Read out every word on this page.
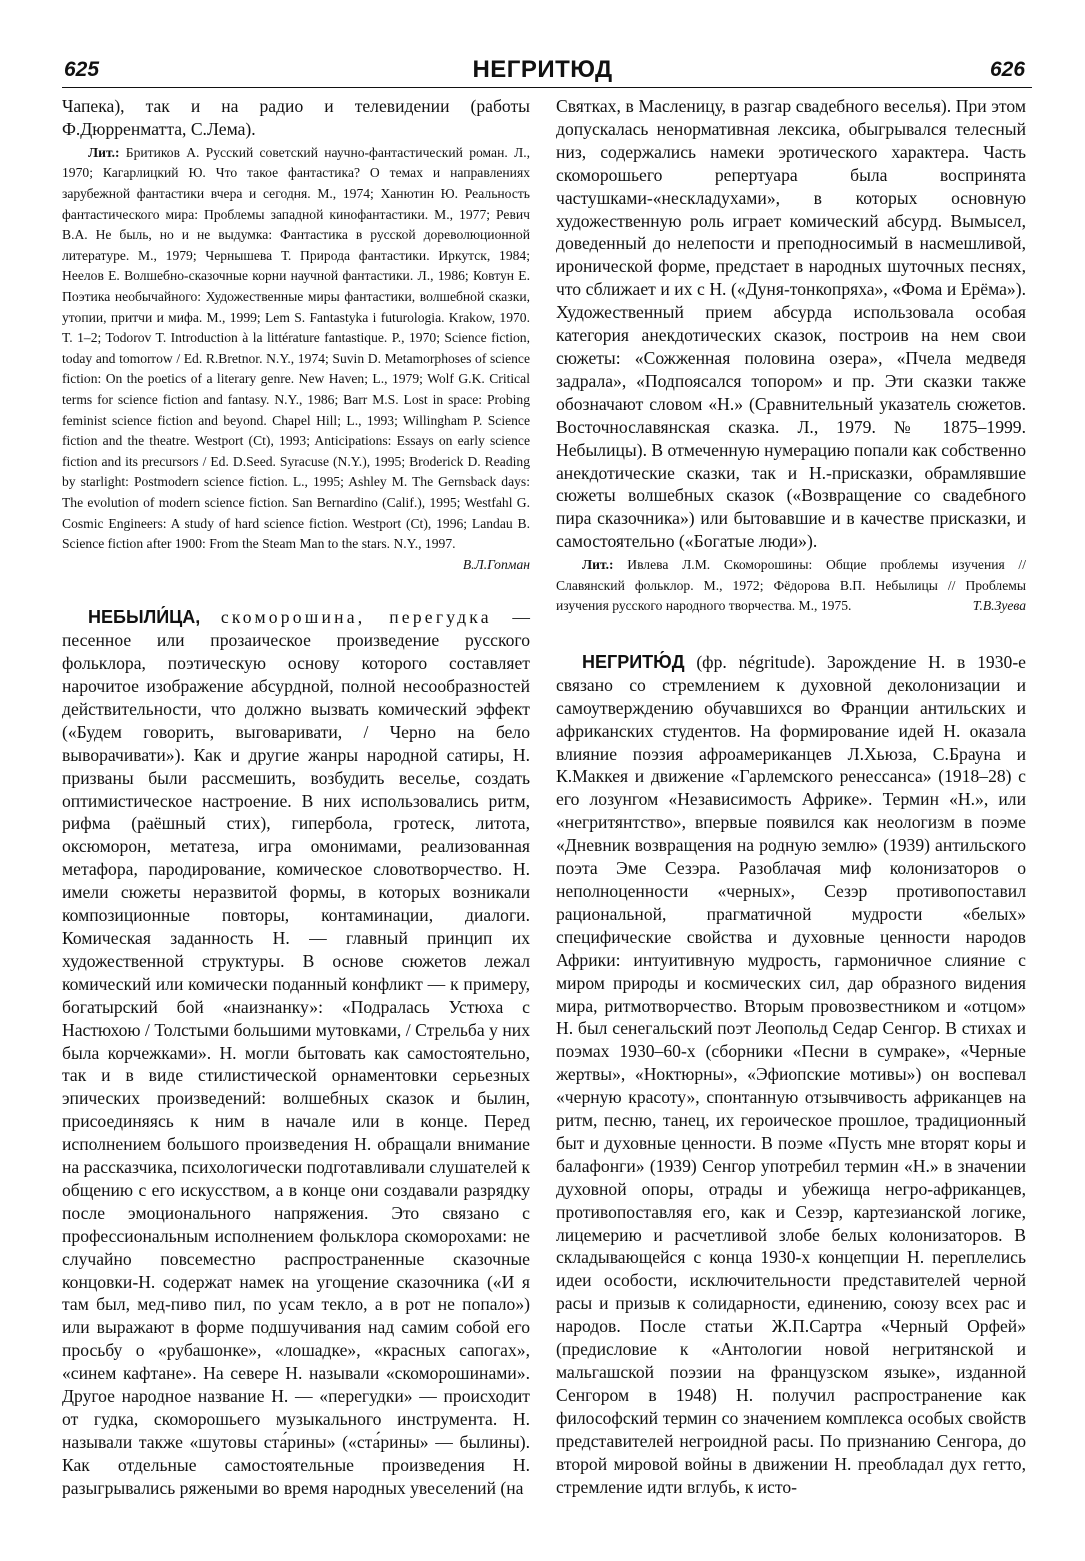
625	НЕГРИТЮД	626

Чапека), так и на радио и телевидении (работы Ф.Дюрренматта, С.Лема).

Лит.: Бритиков А. Русский советский научно-фантастический роман. Л., 1970; Кагарлицкий Ю. Что такое фантастика? О темах и направлениях зарубежной фантастики вчера и сегодня. М., 1974; Ханютин Ю. Реальность фантастического мира: Проблемы западной кинофантастики. М., 1977; Ревич В.А. Не быль, но и не выдумка: Фантастика в русской дореволюционной литературе. М., 1979; Чернышева Т. Природа фантастики. Иркутск, 1984; Неелов Е. Волшебно-сказочные корни научной фантастики. Л., 1986; Ковтун Е. Поэтика необычайного: Художественные миры фантастики, волшебной сказки, утопии, притчи и мифа. М., 1999; Lem S. Fantastyka i futurologia. Krakow, 1970. T. 1–2; Todorov T. Introduction à la littérature fantastique. P., 1970; Science fiction, today and tomorrow / Ed. R.Bretnor. N.Y., 1974; Suvin D. Metamorphoses of science fiction: On the poetics of a literary genre. New Haven; L., 1979; Wolf G.K. Critical terms for science fiction and fantasy. N.Y., 1986; Barr M.S. Lost in space: Probing feminist science fiction and beyond. Chapel Hill; L., 1993; Willingham P. Science fiction and the theatre. Westport (Ct), 1993; Anticipations: Essays on early science fiction and its precursors / Ed. D.Seed. Syracuse (N.Y.), 1995; Broderick D. Reading by starlight: Postmodern science fiction. L., 1995; Ashley M. The Gernsback days: The evolution of modern science fiction. San Bernardino (Calif.), 1995; Westfahl G. Cosmic Engineers: A study of hard science fiction. Westport (Ct), 1996; Landau B. Science fiction after 1900: From the Steam Man to the stars. N.Y., 1997.
В.Л.Гопман

НЕБЫЛИ́ЦА, скоморошина, перегудка — песенное или прозаическое произведение русского фольклора, поэтическую основу которого составляет нарочитое изображение абсурдной, полной несообразностей действительности, что должно вызвать комический эффект («Будем говорить, выговаривати, / Черно на бело выворачивати»). Как и другие жанры народной сатиры, Н. призваны были рассмешить, возбудить веселье, создать оптимистическое настроение. В них использовались ритм, рифма (раёшный стих), гипербола, гротеск, литота, оксюморон, метатеза, игра омонимами, реализованная метафора, пародирование, комическое словотворчество. Н. имели сюжеты неразвитой формы, в которых возникали композиционные повторы, контаминации, диалоги. Комическая заданность Н. — главный принцип их художественной структуры. В основе сюжетов лежал комический или комически поданный конфликт — к примеру, богатырский бой «наизнанку»: «Подралась Устюха с Настюхою / Толстыми большими мутовками, / Стрельба у них была корчежками». Н. могли бытовать как самостоятельно, так и в виде стилистической орнаментовки серьезных эпических произведений: волшебных сказок и былин, присоединяясь к ним в начале или в конце. Перед исполнением большого произведения Н. обращали внимание на рассказчика, психологически подготавливали слушателей к общению с его искусством, а в конце они создавали разрядку после эмоционального напряжения. Это связано с профессиональным исполнением фольклора скоморохами: не случайно повсеместно распространенные сказочные концовки-Н. содержат намек на угощение сказочника («И я там был, мед-пиво пил, по усам текло, а в рот не попало») или выражают в форме подшучивания над самим собой его просьбу о «рубашонке», «лошадке», «красных сапогах», «синем кафтане». На севере Н. называли «скоморошинами». Другое народное название Н. — «перегудки» — происходит от гудка, скоморошьего музыкального инструмента. Н. называли также «шутовы ста́рины» («ста́рины» — былины). Как отдельные самостоятельные произведения Н. разыгрывались ряжеными во время народных увеселений (на

Святках, в Масленицу, в разгар свадебного веселья). При этом допускалась ненормативная лексика, обыгрывался телесный низ, содержались намеки эротического характера. Часть скоморошьего репертуара была воспринята частушками-«нескладухами», в которых основную художественную роль играет комический абсурд. Вымысел, доведенный до нелепости и преподносимый в насмешливой, иронической форме, предстает в народных шуточных песнях, что сближает и их с Н. («Дуня-тонкопряха», «Фома и Ерёма»). Художественный прием абсурда использовала особая категория анекдотических сказок, построив на нем свои сюжеты: «Сожженная половина озера», «Пчела медведя задрала», «Подпоясался топором» и пр. Эти сказки также обозначают словом «Н.» (Сравнительный указатель сюжетов. Восточнославянская сказка. Л., 1979. № 1875–1999. Небылицы). В отмеченную нумерацию попали как собственно анекдотические сказки, так и Н.-присказки, обрамлявшие сюжеты волшебных сказок («Возвращение со свадебного пира сказочника») или бытовавшие и в качестве присказки, и самостоятельно («Богатые люди»).

Лит.: Ивлева Л.М. Скоморошины: Общие проблемы изучения // Славянский фольклор. М., 1972; Фёдорова В.П. Небылицы // Проблемы изучения русского народного творчества. М., 1975.	Т.В.Зуева

НЕГРИТЮ́Д (фр. négritude). Зарождение Н. в 1930-е связано со стремлением к духовной деколонизации и самоутверждению обучавшихся во Франции антильских и африканских студентов. На формирование идей Н. оказала влияние поэзия афроамериканцев Л.Хьюза, С.Брауна и К.Маккея и движение «Гарлемского ренессанса» (1918–28) с его лозунгом «Независимость Африке». Термин «Н.», или «негритянтство», впервые появился как неологизм в поэме «Дневник возвращения на родную землю» (1939) антильского поэта Эме Сезэра. Разоблачая миф колонизаторов о неполноценности «черных», Сезэр противопоставил рациональной, прагматичной мудрости «белых» специфические свойства и духовные ценности народов Африки: интуитивную мудрость, гармоничное слияние с миром природы и космических сил, дар образного видения мира, ритмотворчество. Вторым провозвестником и «отцом» Н. был сенегальский поэт Леопольд Седар Сенгор. В стихах и поэмах 1930–60-х (сборники «Песни в сумраке», «Черные жертвы», «Ноктюрны», «Эфиопские мотивы») он воспевал «черную красоту», спонтанную отзывчивость африканцев на ритм, песню, танец, их героическое прошлое, традиционный быт и духовные ценности. В поэме «Пусть мне вторят коры и балафонги» (1939) Сенгор употребил термин «Н.» в значении духовной опоры, отрады и убежища негро-африканцев, противопоставляя его, как и Сезэр, картезианской логике, лицемерию и расчетливой злобе белых колонизаторов. В складывающейся с конца 1930-х концепции Н. переплелись идеи особости, исключительности представителей черной расы и призыв к солидарности, единению, союзу всех рас и народов. После статьи Ж.П.Сартра «Черный Орфей» (предисловие к «Антологии новой негритянской и мальгашской поэзии на французском языке», изданной Сенгором в 1948) Н. получил распространение как философский термин со значением комплекса особых свойств представителей негроидной расы. По признанию Сенгора, до второй мировой войны в движении Н. преобладал дух гетто, стремление идти вглубь, к исто-
